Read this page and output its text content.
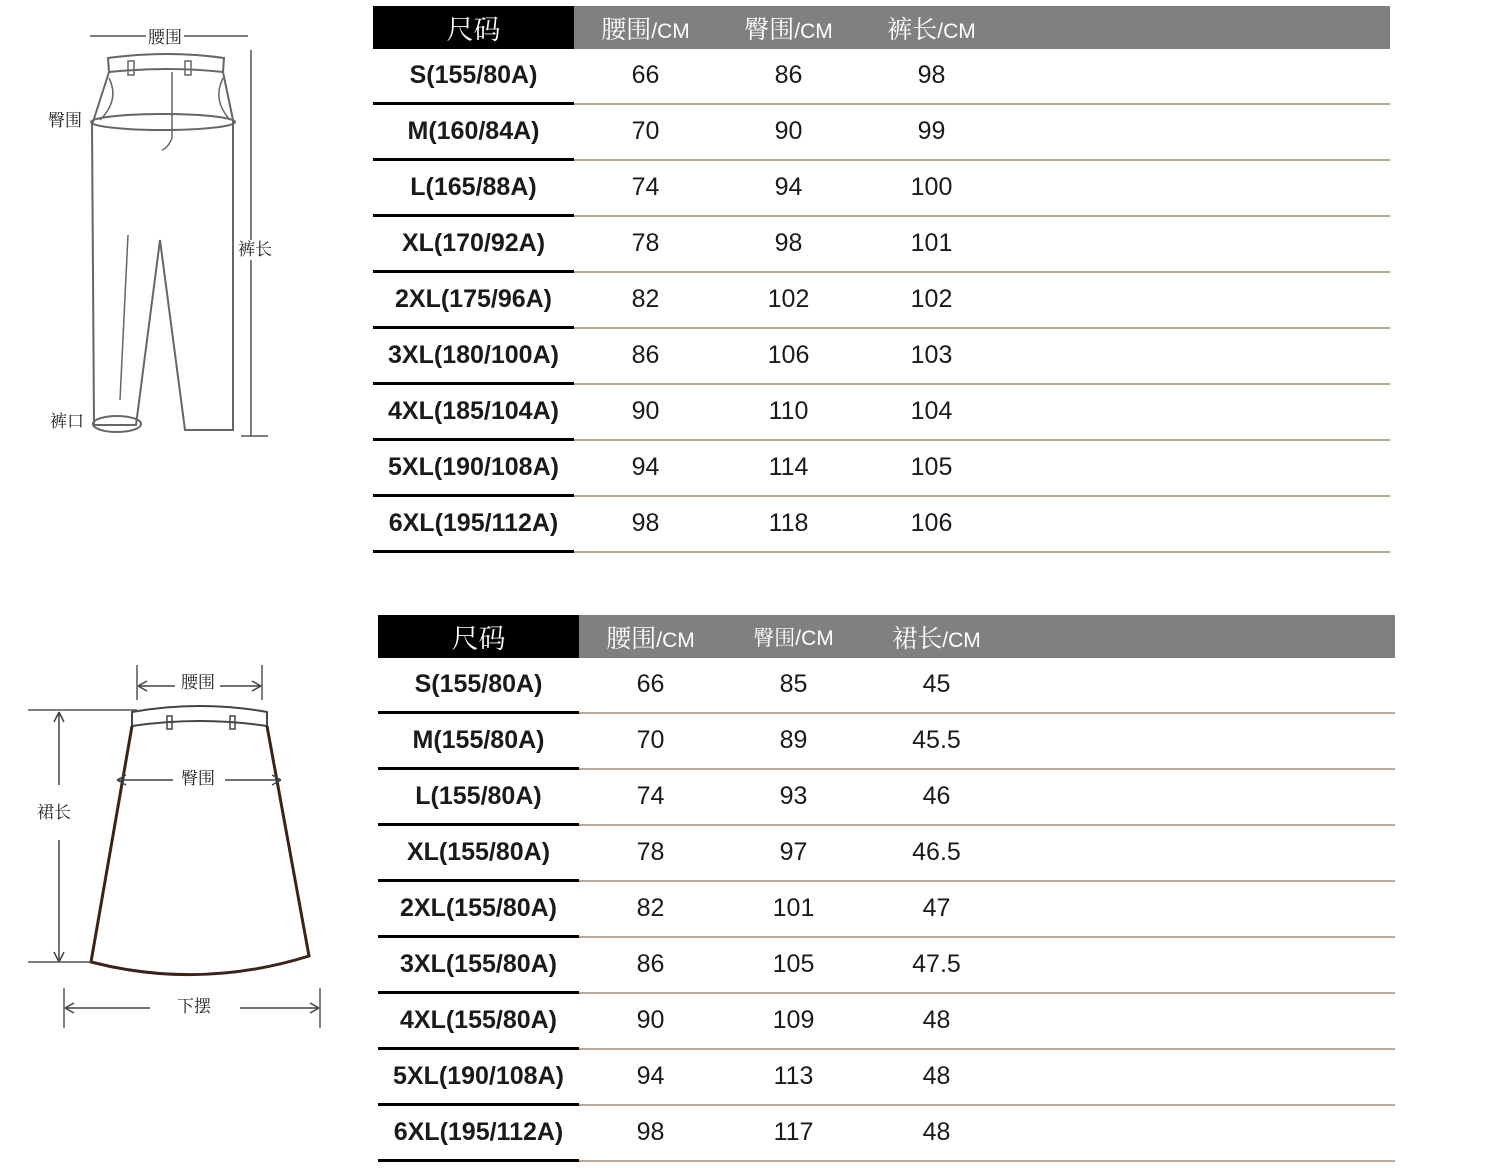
腰围
臀围
裤长
裤口
尺码	腰围/CM	臀围/CM	裤长/CM	
S(155/80A)	66	86	98	
M(160/84A)	70	90	99	
L(165/88A)	74	94	100	
XL(170/92A)	78	98	101	
2XL(175/96A)	82	102	102	
3XL(180/100A)	86	106	103	
4XL(185/104A)	90	110	104	
5XL(190/108A)	94	114	105	
6XL(195/112A)	98	118	106	
腰围
臀围
裙长
下摆
尺码	腰围/CM	臀围/CM	裙长/CM	
S(155/80A)	66	85	45	
M(155/80A)	70	89	45.5	
L(155/80A)	74	93	46	
XL(155/80A)	78	97	46.5	
2XL(155/80A)	82	101	47	
3XL(155/80A)	86	105	47.5	
4XL(155/80A)	90	109	48	
5XL(190/108A)	94	113	48	
6XL(195/112A)	98	117	48	
